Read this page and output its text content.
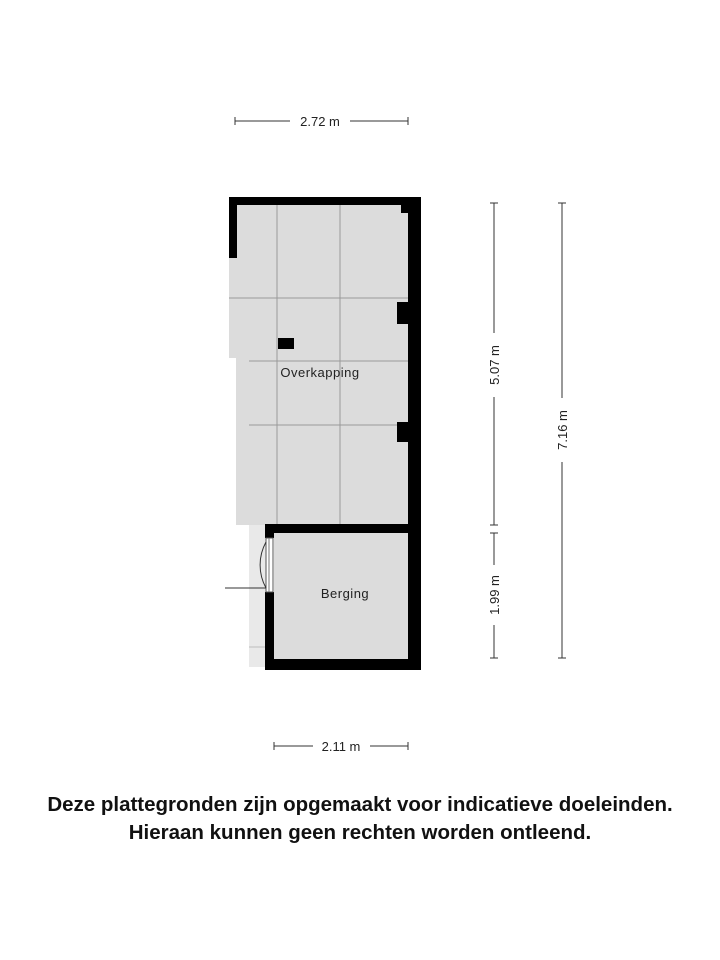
Overkapping
Berging
2.72 m
2.11 m
5.07 m
1.99 m
7.16 m
Deze plattegronden zijn opgemaakt voor indicatieve doeleinden.
Hieraan kunnen geen rechten worden ontleend.
